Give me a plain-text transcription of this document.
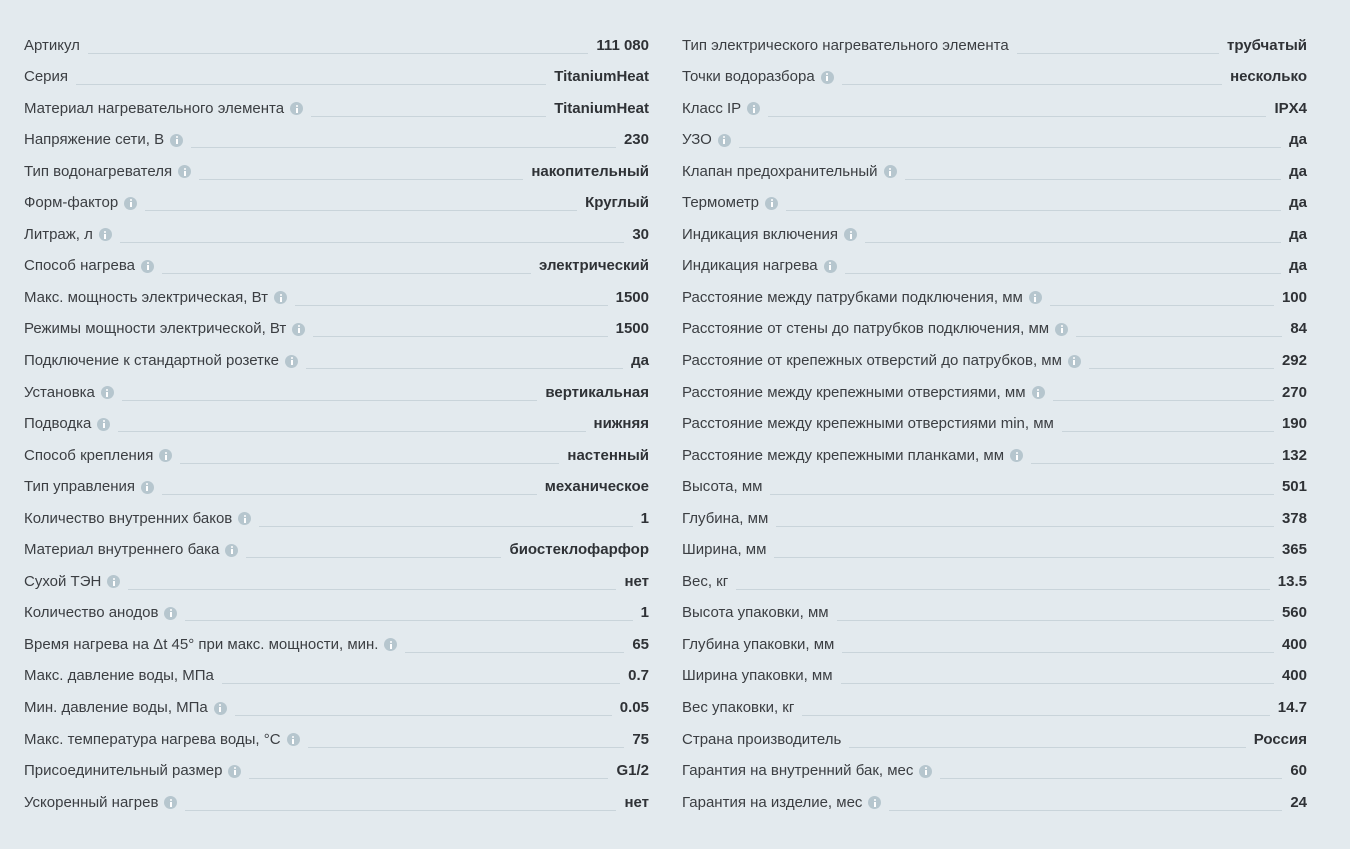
Артикул	111 080
Серия	TitaniumHeat
Материал нагревательного элемента	TitaniumHeat
Напряжение сети, В	230
Тип водонагревателя	накопительный
Форм-фактор	Круглый
Литраж, л	30
Способ нагрева	электрический
Макс. мощность электрическая, Вт	1500
Режимы мощности электрической, Вт	1500
Подключение к стандартной розетке	да
Установка	вертикальная
Подводка	нижняя
Способ крепления	настенный
Тип управления	механическое
Количество внутренних баков	1
Материал внутреннего бака	биостеклофарфор
Сухой ТЭН	нет
Количество анодов	1
Время нагрева на Δt 45° при макс. мощности, мин.	65
Макс. давление воды, МПа	0.7
Мин. давление воды, МПа	0.05
Макс. температура нагрева воды, °C	75
Присоединительный размер	G1/2
Ускоренный нагрев	нет
Тип электрического нагревательного элемента	трубчатый
Точки водоразбора	несколько
Класс IP	IPX4
УЗО	да
Клапан предохранительный	да
Термометр	да
Индикация включения	да
Индикация нагрева	да
Расстояние между патрубками подключения, мм	100
Расстояние от стены до патрубков подключения, мм	84
Расстояние от крепежных отверстий до патрубков, мм	292
Расстояние между крепежными отверстиями, мм	270
Расстояние между крепежными отверстиями min, мм	190
Расстояние между крепежными планками, мм	132
Высота, мм	501
Глубина, мм	378
Ширина, мм	365
Вес, кг	13.5
Высота упаковки, мм	560
Глубина упаковки, мм	400
Ширина упаковки, мм	400
Вес упаковки, кг	14.7
Страна производитель	Россия
Гарантия на внутренний бак, мес	60
Гарантия на изделие, мес	24
